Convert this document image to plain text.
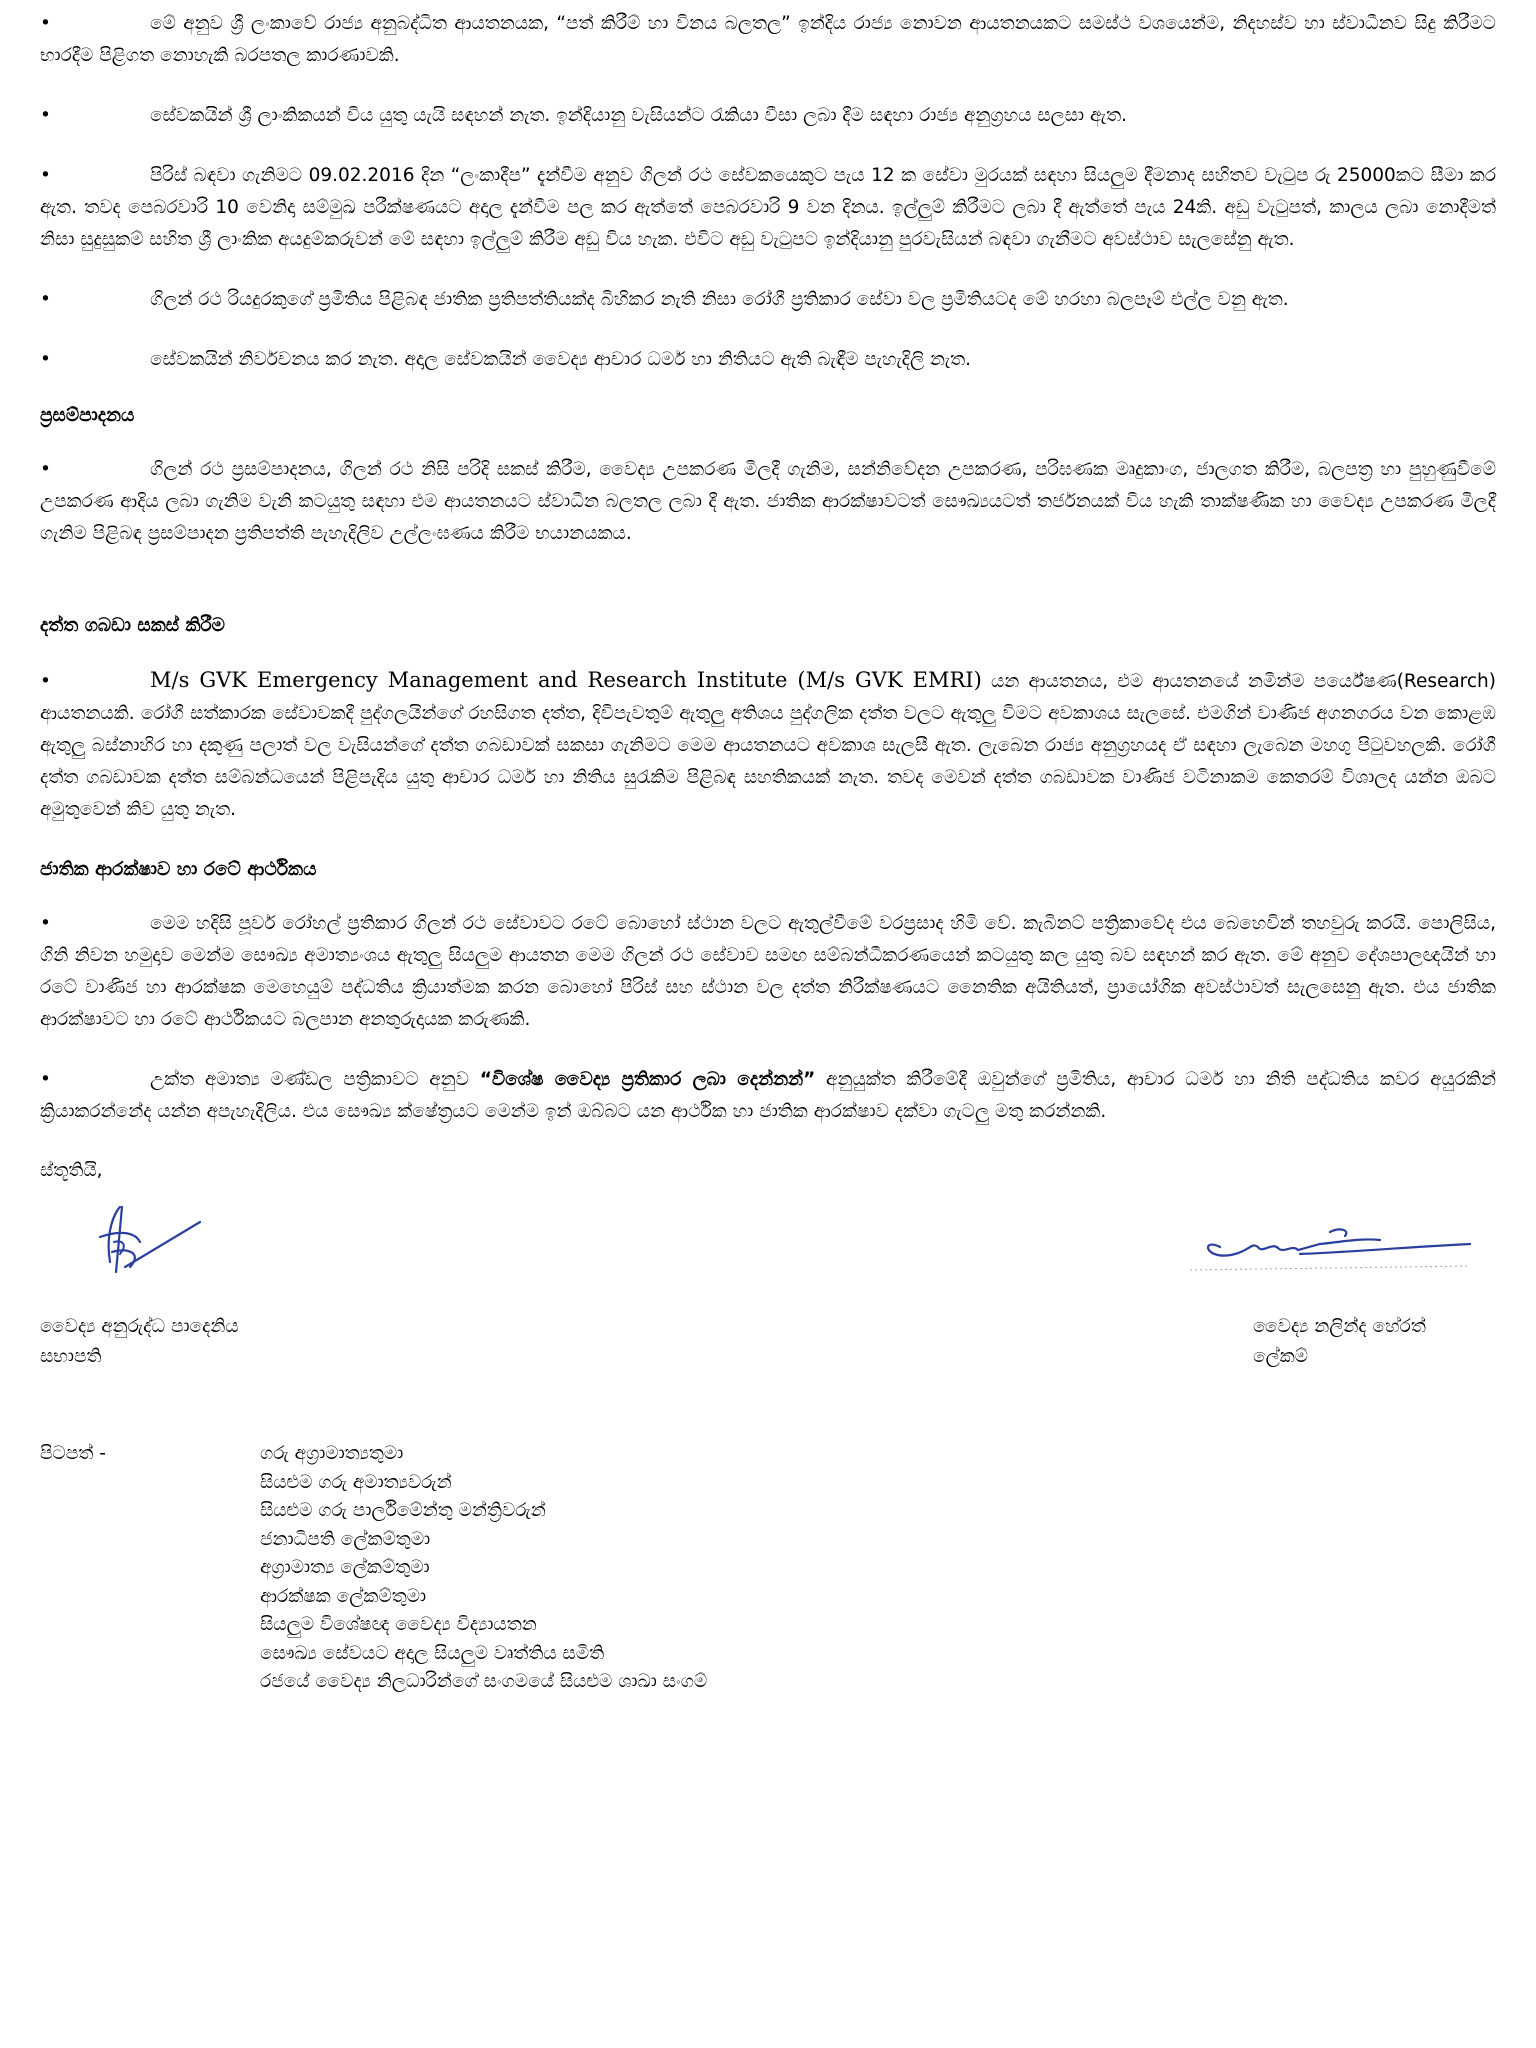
•	මේ අනුව ශ්‍රී ලංකාවේ රාජ්‍ය අනුබද්ධිත ආයතනයක, “පත් කිරීම් හා විනය බලතල” ඉන්දිය රාජ්‍ය නොවන ආයතනයකට සමස්ථ වශයෙන්ම, නිදහස්ව හා ස්වාධීනව සිදු කිරීමට භාරදීම පිළිගත නොහැකි බරපතල කාරණාවකි.

•	සේවකයින් ශ්‍රී ලාංකිකයන් විය යුතු යැයි සඳහන් නැත. ඉන්දියානු වැසියන්ට රැකියා වීසා ලබා දීම සඳහා රාජ්‍ය අනුග්‍රහය සලසා ඇත.

•	පිරිස් බඳවා ගැනිමට 09.02.2016 දින “ලංකාදීප” දැන්වීම අනුව ගිලන් රථ සේවකයෙකුට පැය 12 ක සේවා මුරයක් සඳහා සියලුම දීමනාද සහිතව වැටුප රු 25000කට සීමා කර ඇත. තවද පෙබරවාරි 10 වෙනිදා සම්මුඛ පරීක්ෂණයට අදාල දැන්වීම පල කර ඇත්තේ පෙබරවාරි 9 වන දිනය. ඉල්ලුම් කිරීමට ලබා දී ඇත්තේ පැය 24කි. අඩු වැටුපත්, කාලය ලබා නොදීමත් නිසා සුදුසුකම් සහිත ශ්‍රී ලාංකික අයදුම්කරුවන් මේ සඳහා ඉල්ලුම් කිරීම අඩු විය හැක. එවිට අඩු වැටුපට ඉන්දියානු පුරවැසියන් බඳවා ගැනීමට අවස්ථාව සැලසේනු ඇත.

•	ගිලන් රථ රියදුරකුගේ ප්‍රමිතිය පිළිබඳ ජාතික ප්‍රතිපත්තියක්ද බිහිකර නැති නිසා රෝගී ප්‍රතිකාර සේවා වල ප්‍රමිතියටද මේ හරහා බලපෑම් එල්ල වනු ඇත.

•	සේවකයින් නිර්වචනය කර නැත. අදාල සේවකයින් වෛද්‍ය ආචාර ධර්ම හා නිතියට ඇති බැඳීම පැහැදිලි නැත.

ප්‍රසම්පාදනය

•	ගිලන් රථ ප්‍රසම්පාදනය, ගිලන් රථ නිසි පරිදි සකස් කිරීම, වෛද්‍ය උපකරණ මිලදී ගැනිම, සන්නිවේදන උපකරණ, පරිඝණක මෘදුකාංග, ජාලගත කිරීම, බලපත්‍ර හා පුහුණුවීමේ උපකරණ ආදිය ලබා ගැනිම වැනි කටයුතු සඳහා එම ආයතනයට ස්වාධීන බලතල ලබා දී ඇත. ජාතික ආරක්ෂාවටත් සෞඛ්‍යයටත් තර්ජනයක් විය හැකි තාක්ෂණික හා වෛද්‍ය උපකරණ මිලදී ගැනිම පිළිබඳ ප්‍රසම්පාදන ප්‍රතිපත්ති පැහැදිලිව උල්ලංඝණය කිරීම භයානයකය.

දත්ත ගබඩා සකස් කිරීම

•	M/s GVK Emergency Management and Research Institute (M/s GVK EMRI) යන ආයතනය, එම ආයතනයේ නමින්ම පර්යේෂණ(Research) ආයතනයකි. රෝගී සත්කාරක සේවාවකදී පුද්ගලයින්ගේ රහසිගත දත්ත, දිවිපැවතුම් ඇතුලු අතිශය පුද්ගලික දත්ත වලට ඇතුලු විමට අවකාශය සැලසේ. එමගින් වාණිජ අගනගරය වන කොළඹ ඇතුලු බස්නාහිර හා දකුණු පලාත් වල වැසියන්ගේ දත්ත ගබඩාවක් සකසා ගැනිමට මෙම ආයතනයට අවකාශ සැලසී ඇත. ලැබෙන රාජ්‍ය අනුග්‍රහයද ඒ සඳහා ලැබෙන මහගු පිටුවහලකි. රෝගී දත්ත ගබඩාවක දත්ත සම්බන්ධයෙන් පිළිපැදිය යුතු ආචාර ධර්ම හා නිතිය සුරැකිම පිළිබඳ සහතිකයක් නැත. තවද මෙවන් දත්ත ගබඩාවක වාණිජ වටිනාකම කෙතරම් විශාලද යන්න ඔබට අමුතුවෙන් කිව යුතු නැත.

ජාතික ආරක්ෂාව හා රටේ ආර්ථිකය

•	මෙම හදිසි පූර්ව රෝහල් ප්‍රතිකාර ගිලන් රථ සේවාවට රටේ බොහෝ ස්ථාන වලට ඇතුල්වීමේ වරප්‍රසාද හිමි වේ. කැබිනට් පත්‍රිකාවේද එය බෙහෙවින් තහවුරු කරයි. පොලිසිය, ගිනි නිවන හමුදාව මෙන්ම සෞඛ්‍ය අමාත්‍යංශය ඇතුලු සියලුම ආයතන මෙම ගිලන් රථ සේවාව සමඟ සම්බන්ධීකරණයෙන් කටයුතු කල යුතු බව සඳහන් කර ඇත. මේ අනුව දේශපාලඥයින් හා රටේ වාණිජ හා ආරක්ෂක මෙහෙයුම් පද්ධතිය ක්‍රියාත්මක කරන බොහෝ පිරිස් සහ ස්ථාන වල දත්ත නිරීක්ෂණයට නෛතික අයිතියත්, ප්‍රායෝගික අවස්ථාවත් සැලසෙනු ඇත. එය ජාතික ආරක්ෂාවට හා රටේ ආර්ථිකයට බලපාන අනතුරුදායක කරුණකි.

•	උක්ත අමාත්‍ය මණ්ඩල පත්‍රිකාවට අනුව “විශේෂ වෛද්‍ය ප්‍රතිකාර ලබා දෙන්නන්” අනුයුක්ත කිරීමේදී ඔවුන්ගේ ප්‍රමිතිය, ආචාර ධර්ම හා නිති පද්ධතිය කවර අයුරකින් ක්‍රියාකරන්නේද යන්න අපැහැදිලිය. එය සෞඛ්‍ය ක්ෂේත්‍රයට මෙන්ම ඉන් ඔබ්බට යන ආර්ථික හා ජාතික ආරක්ෂාව දක්වා ගැටලු මතු කරන්නකි.

ස්තූතියි,
වෛද්‍ය අනුරුද්ධ පාදෙනිය
සභාපති
වෛද්‍ය නලින්ද හේරත්
ලේකම්
පිටපත් -	ගරු අග්‍රාමාත්‍යතුමා
සියළුම ගරු අමාත්‍යවරුන්
සියළුම ගරු පාර්ලිමේන්තු මන්ත්‍රිවරුන්
ජනාධිපති ලේකම්තුමා
අග්‍රාමාත්‍ය ලේකම්තුමා
ආරක්ෂක ලේකම්තුමා
සියලුම විශේෂඥ වෛද්‍ය විද්‍යායතන
සෞඛ්‍ය සේවයට අදාල සියලුම වෘත්තිය සමිති
රජයේ වෛද්‍ය නිලධාරින්ගේ සංගමයේ සියළුම ශාඛා සංගම්
